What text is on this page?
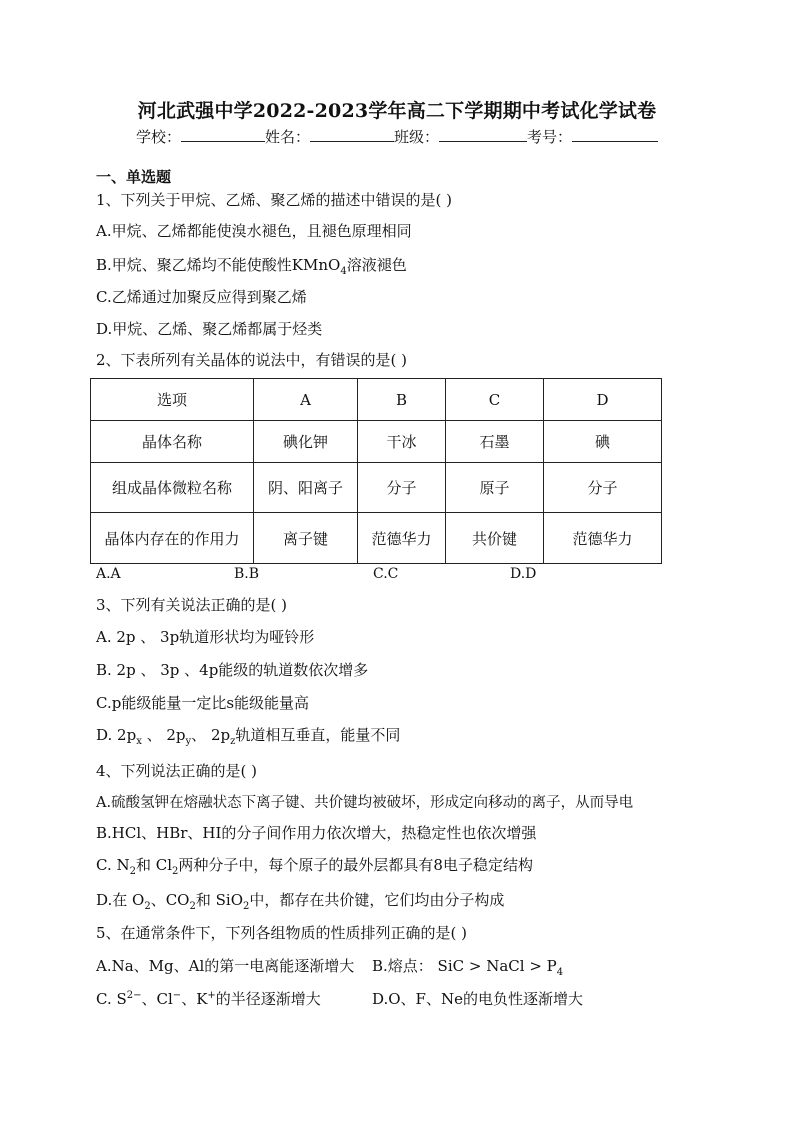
河北武强中学2022-2023学年高二下学期期中考试化学试卷
学校：	姓名：	班级：	考号：
一、单选题
1、下列关于甲烷、乙烯、聚乙烯的描述中错误的是( )
A.甲烷、乙烯都能使溴水褪色，且褪色原理相同
B.甲烷、聚乙烯均不能使酸性KMnO$_4$溶液褪色
C.乙烯通过加聚反应得到聚乙烯
D.甲烷、乙烯、聚乙烯都属于烃类
2、下表所列有关晶体的说法中，有错误的是( )
选项	A	B	C	D
晶体名称	碘化钾	干冰	石墨	碘
组成晶体微粒名称	阴、阳离子	分子	原子	分子
晶体内存在的作用力	离子键	范德华力	共价键	范德华力
A.A	B.B	C.C	D.D
3、下列有关说法正确的是( )
A. 2p 、 3p轨道形状均为哑铃形
B. 2p 、 3p 、4p能级的轨道数依次增多
C.p能级能量一定比s能级能量高
D. $2p_x$ 、 $2p_y$、 $2p_z$轨道相互垂直，能量不同
4、下列说法正确的是( )
A.硫酸氢钾在熔融状态下离子键、共价键均被破坏，形成定向移动的离子，从而导电
B.HCl、HBr、HI的分子间作用力依次增大，热稳定性也依次增强
C. $N_2$和 $Cl_2$两种分子中，每个原子的最外层都具有8电子稳定结构
D.在 $O_2$、$CO_2$和 SiO$_2$中，都存在共价键，它们均由分子构成
5、在通常条件下，下列各组物质的性质排列正确的是( )
A.Na、Mg、Al的第一电离能逐渐增大 B.熔点： SiC > NaCl > $P_4$
C. $S^{2-}$、Cl−、K+的半径逐渐增大	D.O、F、Ne的电负性逐渐增大
